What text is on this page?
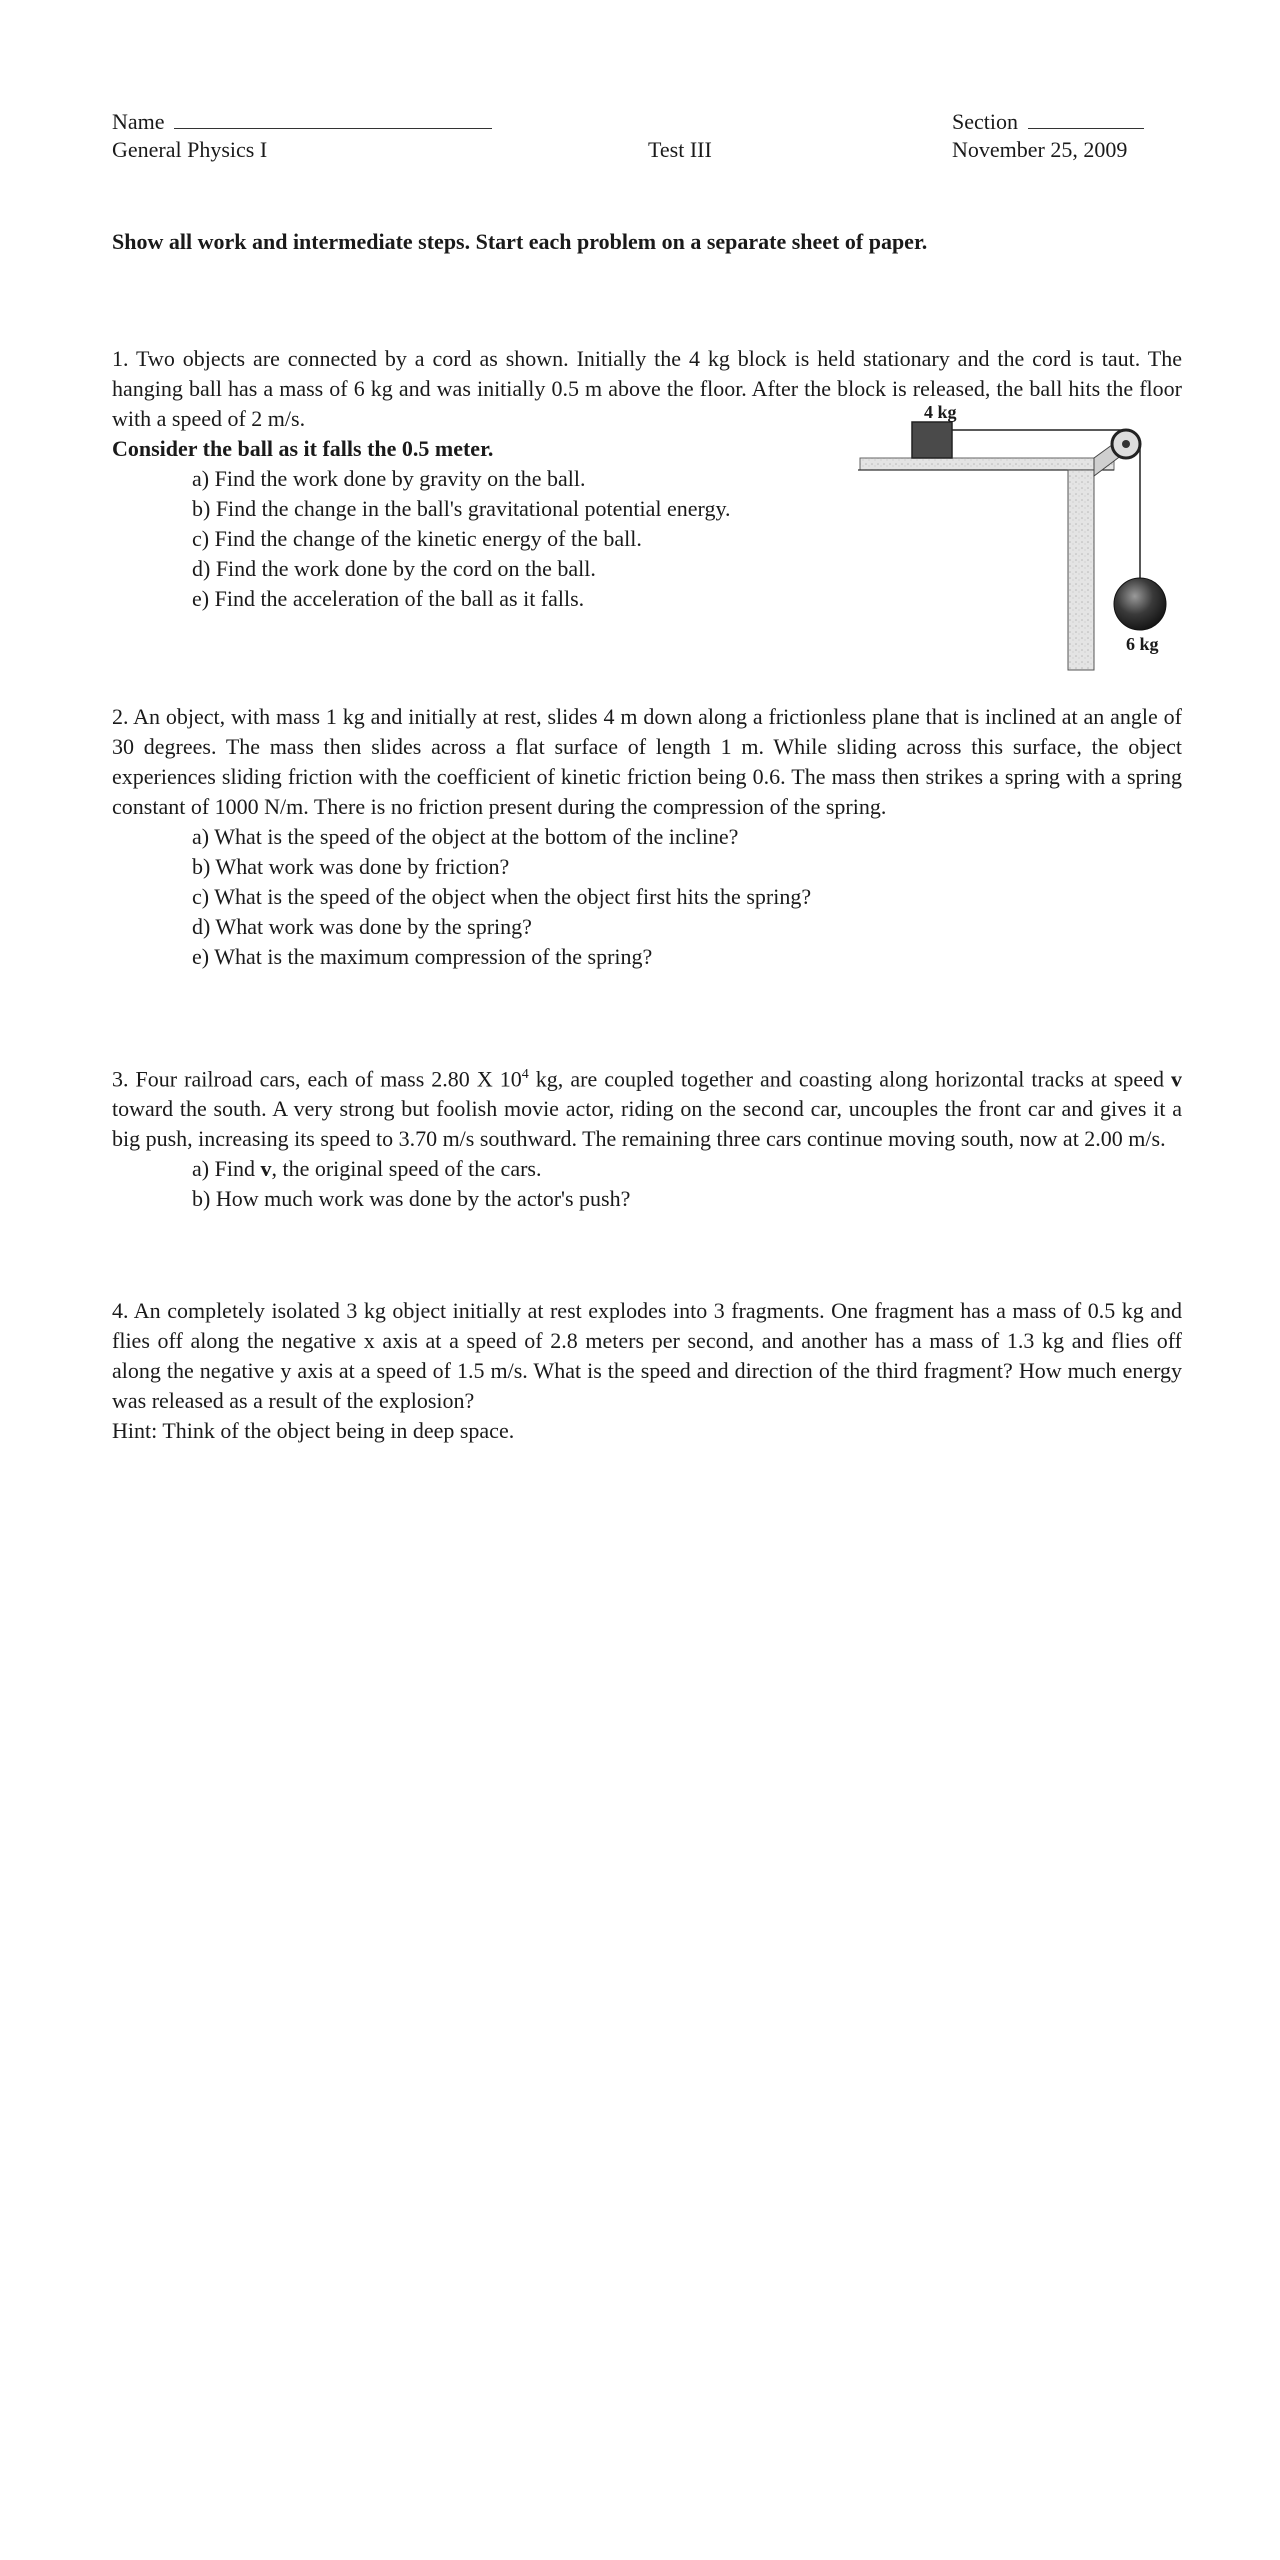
Name
General Physics I	Test III
Section
November 25, 2009
Show all work and intermediate steps. Start each problem on a separate sheet of paper.

1. Two objects are connected by a cord as shown. Initially the 4 kg block is held stationary and the cord is taut. The hanging ball has a mass of 6 kg and was initially 0.5 m above the floor. After the block is released, the ball hits the floor with a speed of 2 m/s.

Consider the ball as it falls the 0.5 meter.

a) Find the work done by gravity on the ball.
b) Find the change in the ball's gravitational potential energy.
c) Find the change of the kinetic energy of the ball.
d) Find the work done by the cord on the ball.
e) Find the acceleration of the ball as it falls.
4 kg
6 kg

2. An object, with mass 1 kg and initially at rest, slides 4 m down along a frictionless plane that is inclined at an angle of 30 degrees. The mass then slides across a flat surface of length 1 m. While sliding across this surface, the object experiences sliding friction with the coefficient of kinetic friction being 0.6. The mass then strikes a spring with a spring constant of 1000 N/m. There is no friction present during the compression of the spring.

a) What is the speed of the object at the bottom of the incline?
b) What work was done by friction?
c) What is the speed of the object when the object first hits the spring?
d) What work was done by the spring?
e) What is the maximum compression of the spring?

3. Four railroad cars, each of mass 2.80 X $10^4$ kg, are coupled together and coasting along horizontal tracks at speed v toward the south. A very strong but foolish movie actor, riding on the second car, uncouples the front car and gives it a big push, increasing its speed to 3.70 m/s southward. The remaining three cars continue moving south, now at 2.00 m/s.

a) Find v, the original speed of the cars.
b) How much work was done by the actor's push?

4. An completely isolated 3 kg object initially at rest explodes into 3 fragments. One fragment has a mass of 0.5 kg and flies off along the negative x axis at a speed of 2.8 meters per second, and another has a mass of 1.3 kg and flies off along the negative y axis at a speed of 1.5 m/s. What is the speed and direction of the third fragment? How much energy was released as a result of the explosion?

Hint: Think of the object being in deep space.
